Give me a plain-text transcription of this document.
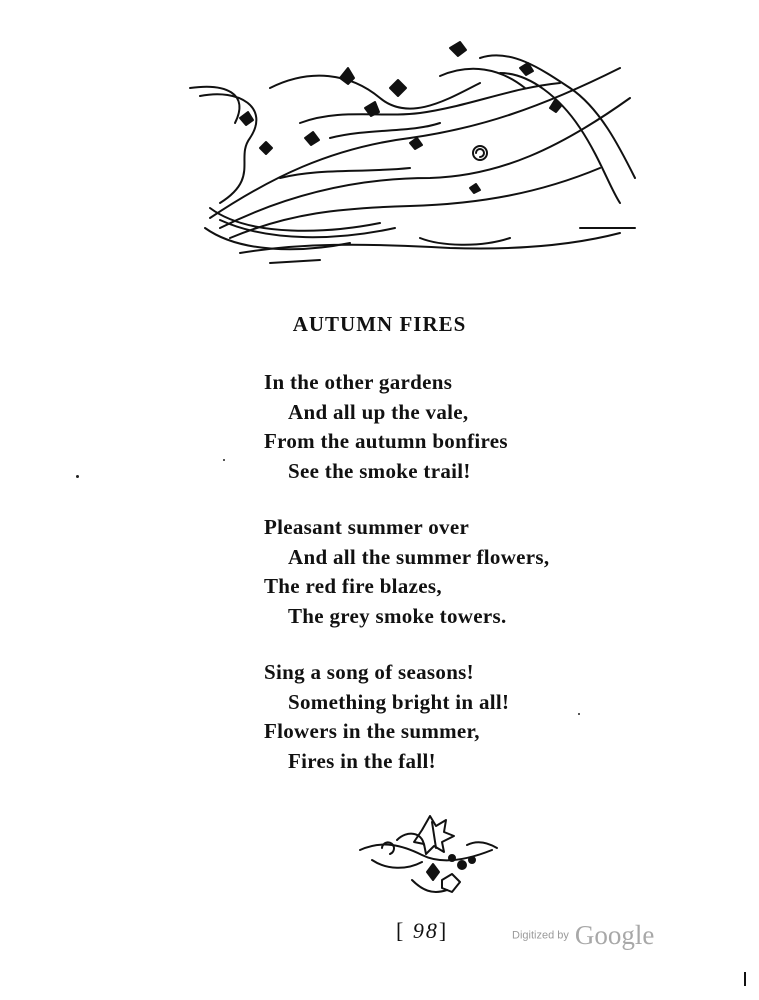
AUTUMN FIRES
In the other gardens
And all up the vale,
From the autumn bonfires
See the smoke trail!
Pleasant summer over
And all the summer flowers,
The red fire blazes,
The grey smoke towers.
Sing a song of seasons!
Something bright in all!
Flowers in the summer,
Fires in the fall!
[ 98]	Digitized by Google
